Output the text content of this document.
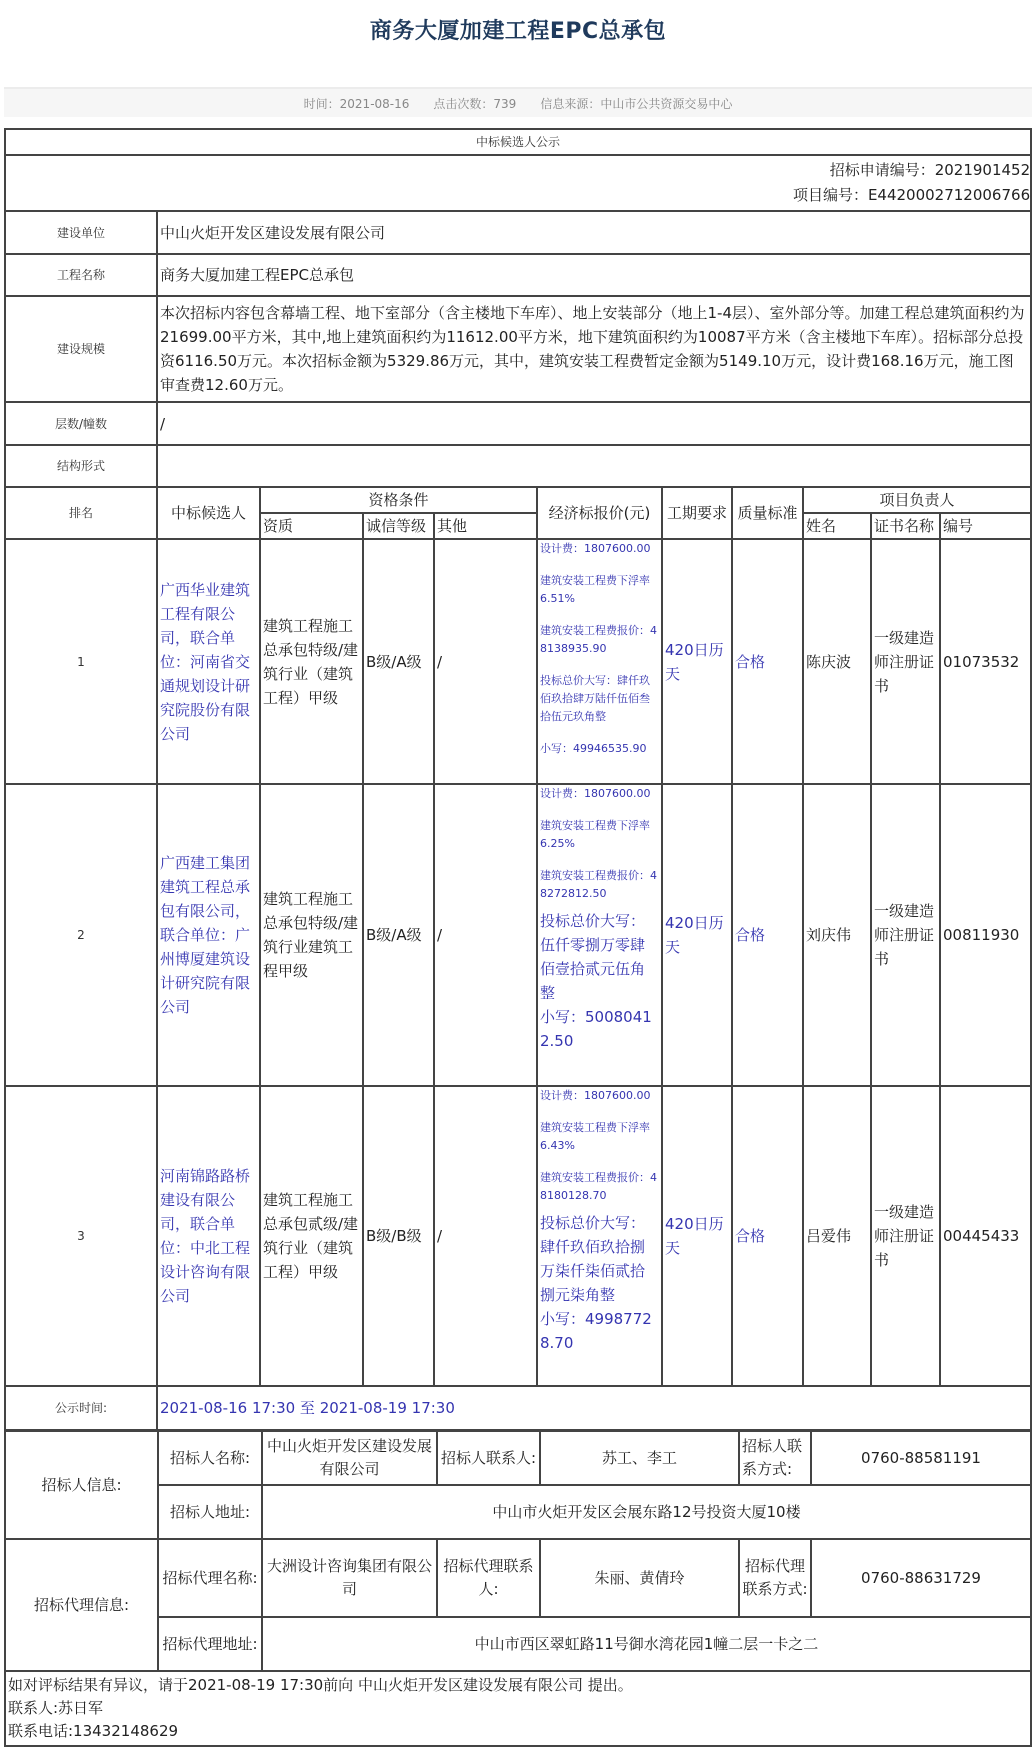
商务大厦加建工程EPC总承包
时间：2021-08-16 点击次数：739 信息来源：中山市公共资源交易中心
中标候选人公示										

招标申请编号：2021901452
项目编号：E4420002712006766										

建设单位	中山火炬开发区建设发展有限公司									
工程名称	商务大厦加建工程EPC总承包									
建设规模	本次招标内容包含幕墙工程、地下室部分（含主楼地下车库）、地上安装部分（地上1-4层）、室外部分等。加建工程总建筑面积约为21699.00平方米，其中,地上建筑面积约为11612.00平方米，地下建筑面积约为10087平方米（含主楼地下车库）。招标部分总投资6116.50万元。本次招标金额为5329.86万元，其中，建筑安装工程费暂定金额为5149.10万元，设计费168.16万元，施工图审查费12.60万元。									
层数/幢数	/									
结构形式										
排名	中标候选人	资格条件			经济标报价(元)	工期要求	质量标准	项目负责人		
		资质	诚信等级	其他				姓名	证书名称	编号
1	广西华业建筑工程有限公司，联合单位：河南省交通规划设计研究院股份有限公司	建筑工程施工总承包特级/建筑行业（建筑工程）甲级	B级/A级	/	设计费：1807600.00

建筑安装工程费下浮率6.51%

建筑安装工程费报价：48138935.90

投标总价大写：肆仟玖佰玖拾肆万陆仟伍佰叁拾伍元玖角整

小写：49946535.90	420日历天	合格	陈庆波	一级建造师注册证书	01073532
2	广西建工集团建筑工程总承包有限公司，联合单位：广州博厦建筑设计研究院有限公司	建筑工程施工总承包特级/建筑行业建筑工程甲级	B级/A级	/	设计费：1807600.00

建筑安装工程费下浮率6.25%

建筑安装工程费报价：48272812.50

投标总价大写：伍仟零捌万零肆佰壹拾贰元伍角整

小写：50080412.50	420日历天	合格	刘庆伟	一级建造师注册证书	00811930
3	河南锦路路桥建设有限公司，联合单位：中北工程设计咨询有限公司	建筑工程施工总承包贰级/建筑行业（建筑工程）甲级	B级/B级	/	设计费：1807600.00

建筑安装工程费下浮率6.43%

建筑安装工程费报价：48180128.70

投标总价大写：肆仟玖佰玖拾捌万柒仟柒佰贰拾捌元柒角整

小写：49987728.70	420日历天	合格	吕爱伟	一级建造师注册证书	00445433
公示时间:	2021-08-16 17:30 至 2021-08-19 17:30									
招标人信息:	招标人名称:	中山火炬开发区建设发展有限公司	招标人联系人:	苏工、李工	招标人联系方式:	0760-88581191
	招标人地址:	中山市火炬开发区会展东路12号投资大厦10楼				
招标代理信息:	招标代理名称:	大洲设计咨询集团有限公司	招标代理联系人:	朱丽、黄倩玲	招标代理联系方式:	0760-88631729
	招标代理地址:	中山市西区翠虹路11号御水湾花园1幢二层一卡之二				

如对评标结果有异议，请于2021-08-19 17:30前向 中山火炬开发区建设发展有限公司 提出。
联系人:苏日军
联系电话:13432148629						
